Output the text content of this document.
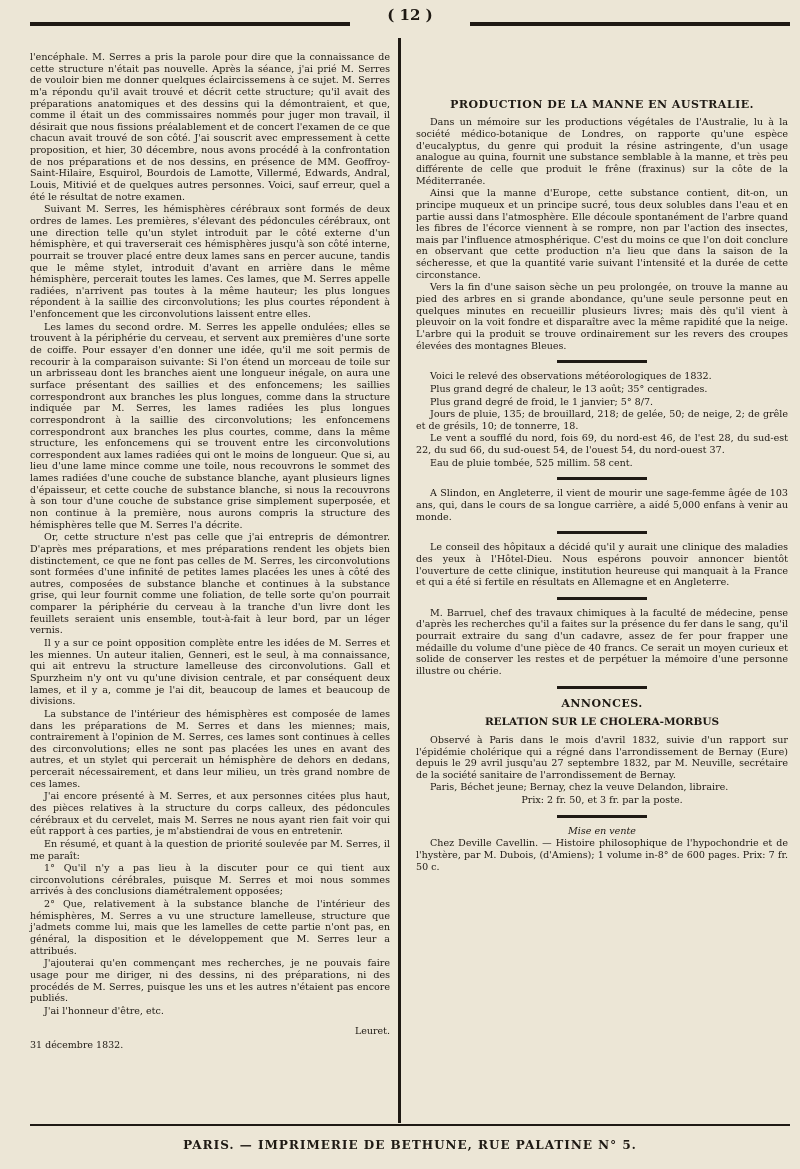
( 12 )

l'encéphale. M. Serres a pris la parole pour dire que la connaissance de cette structure n'était pas nouvelle. Après la séance, j'ai prié M. Serres de vouloir bien me donner quelques éclaircissemens à ce sujet. M. Serres m'a répondu qu'il avait trouvé et décrit cette structure; qu'il avait des préparations anatomiques et des dessins qui la démontraient, et que, comme il était un des commissaires nommés pour juger mon travail, il désirait que nous fissions préalablement et de concert l'examen de ce que chacun avait trouvé de son côté. J'ai souscrit avec empressement à cette proposition, et hier, 30 décembre, nous avons procédé à la confrontation de nos préparations et de nos dessins, en présence de MM. Geoffroy-Saint-Hilaire, Esquirol, Bourdois de Lamotte, Villermé, Edwards, Andral, Louis, Mitivié et de quelques autres personnes. Voici, sauf erreur, quel a été le résultat de notre examen.

Suivant M. Serres, les hémisphères cérébraux sont formés de deux ordres de lames. Les premières, s'élevant des pédoncules cérébraux, ont une direction telle qu'un stylet introduit par le côté externe d'un hémisphère, et qui traverserait ces hémisphères jusqu'à son côté interne, pourrait se trouver placé entre deux lames sans en percer aucune, tandis que le même stylet, introduit d'avant en arrière dans le même hémisphère, percerait toutes les lames. Ces lames, que M. Serres appelle radiées, n'arrivent pas toutes à la même hauteur; les plus longues répondent à la saillie des circonvolutions; les plus courtes répondent à l'enfoncement que les circonvolutions laissent entre elles.

Les lames du second ordre. M. Serres les appelle ondulées; elles se trouvent à la périphérie du cerveau, et servent aux premières d'une sorte de coiffe. Pour essayer d'en donner une idée, qu'il me soit permis de recourir à la comparaison suivante: Si l'on étend un morceau de toile sur un arbrisseau dont les branches aient une longueur inégale, on aura une surface présentant des saillies et des enfoncemens; les saillies correspondront aux branches les plus longues, comme dans la structure indiquée par M. Serres, les lames radiées les plus longues correspondront à la saillie des circonvolutions; les enfoncemens correspondront aux branches les plus courtes, comme, dans la même structure, les enfoncemens qui se trouvent entre les circonvolutions correspondent aux lames radiées qui ont le moins de longueur. Que si, au lieu d'une lame mince comme une toile, nous recouvrons le sommet des lames radiées d'une couche de substance blanche, ayant plusieurs lignes d'épaisseur, et cette couche de substance blanche, si nous la recouvrons à son tour d'une couche de substance grise simplement superposée, et non continue à la première, nous aurons compris la structure des hémisphères telle que M. Serres l'a décrite.

Or, cette structure n'est pas celle que j'ai entrepris de démontrer. D'après mes préparations, et mes préparations rendent les objets bien distinctement, ce que ne font pas celles de M. Serres, les circonvolutions sont formées d'une infinité de petites lames placées les unes à côté des autres, composées de substance blanche et continues à la substance grise, qui leur fournit comme une foliation, de telle sorte qu'on pourrait comparer la périphérie du cerveau à la tranche d'un livre dont les feuillets seraient unis ensemble, tout-à-fait à leur bord, par un léger vernis.

Il y a sur ce point opposition complète entre les idées de M. Serres et les miennes. Un auteur italien, Genneri, est le seul, à ma connaissance, qui ait entrevu la structure lamelleuse des circonvolutions. Gall et Spurzheim n'y ont vu qu'une division centrale, et par conséquent deux lames, et il y a, comme je l'ai dit, beaucoup de lames et beaucoup de divisions.

La substance de l'intérieur des hémisphères est composée de lames dans les préparations de M. Serres et dans les miennes; mais, contrairement à l'opinion de M. Serres, ces lames sont continues à celles des circonvolutions; elles ne sont pas placées les unes en avant des autres, et un stylet qui percerait un hémisphère de dehors en dedans, percerait nécessairement, et dans leur milieu, un très grand nombre de ces lames.

J'ai encore présenté à M. Serres, et aux personnes citées plus haut, des pièces relatives à la structure du corps calleux, des pédoncules cérébraux et du cervelet, mais M. Serres ne nous ayant rien fait voir qui eût rapport à ces parties, je m'abstiendrai de vous en entretenir.

En résumé, et quant à la question de priorité soulevée par M. Serres, il me paraît:

1° Qu'il n'y a pas lieu à la discuter pour ce qui tient aux circonvolutions cérébrales, puisque M. Serres et moi nous sommes arrivés à des conclusions diamétralement opposées;

2° Que, relativement à la substance blanche de l'intérieur des hémisphères, M. Serres a vu une structure lamelleuse, structure que j'admets comme lui, mais que les lamelles de cette partie n'ont pas, en général, la disposition et le développement que M. Serres leur a attribués.

J'ajouterai qu'en commençant mes recherches, je ne pouvais faire usage pour me diriger, ni des dessins, ni des préparations, ni des procédés de M. Serres, puisque les uns et les autres n'étaient pas encore publiés.

J'ai l'honneur d'être, etc.

Leuret.
31 décembre 1832.
PRODUCTION DE LA MANNE EN AUSTRALIE.

Dans un mémoire sur les productions végétales de l'Australie, lu à la société médico-botanique de Londres, on rapporte qu'une espèce d'eucalyptus, du genre qui produit la résine astringente, d'un usage analogue au quina, fournit une substance semblable à la manne, et très peu différente de celle que produit le frêne (fraxinus) sur la côte de la Méditerranée.

Ainsi que la manne d'Europe, cette substance contient, dit-on, un principe muqueux et un principe sucré, tous deux solubles dans l'eau et en partie aussi dans l'atmosphère. Elle découle spontanément de l'arbre quand les fibres de l'écorce viennent à se rompre, non par l'action des insectes, mais par l'influence atmosphérique. C'est du moins ce que l'on doit conclure en observant que cette production n'a lieu que dans la saison de la sécheresse, et que la quantité varie suivant l'intensité et la durée de cette circonstance.

Vers la fin d'une saison sèche un peu prolongée, on trouve la manne au pied des arbres en si grande abondance, qu'une seule personne peut en quelques minutes en recueillir plusieurs livres; mais dès qu'il vient à pleuvoir on la voit fondre et disparaître avec la même rapidité que la neige. L'arbre qui la produit se trouve ordinairement sur les revers des croupes élevées des montagnes Bleues.

Voici le relevé des observations météorologiques de 1832.

Plus grand degré de chaleur, le 13 août; 35° centigrades.

Plus grand degré de froid, le 1 janvier; 5° 8/7.

Jours de pluie, 135; de brouillard, 218; de gelée, 50; de neige, 2; de grêle et de grésils, 10; de tonnerre, 18.

Le vent a soufflé du nord, fois 69, du nord-est 46, de l'est 28, du sud-est 22, du sud 66, du sud-ouest 54, de l'ouest 54, du nord-ouest 37.

Eau de pluie tombée, 525 millim. 58 cent.

A Slindon, en Angleterre, il vient de mourir une sage-femme âgée de 103 ans, qui, dans le cours de sa longue carrière, a aidé 5,000 enfans à venir au monde.

Le conseil des hôpitaux a décidé qu'il y aurait une clinique des maladies des yeux à l'Hôtel-Dieu. Nous espérons pouvoir annoncer bientôt l'ouverture de cette clinique, institution heureuse qui manquait à la France et qui a été si fertile en résultats en Allemagne et en Angleterre.

M. Barruel, chef des travaux chimiques à la faculté de médecine, pense d'après les recherches qu'il a faites sur la présence du fer dans le sang, qu'il pourrait extraire du sang d'un cadavre, assez de fer pour frapper une médaille du volume d'une pièce de 40 francs. Ce serait un moyen curieux et solide de conserver les restes et de perpétuer la mémoire d'une personne illustre ou chérie.

ANNONCES.
RELATION SUR LE CHOLERA-MORBUS

Observé à Paris dans le mois d'avril 1832, suivie d'un rapport sur l'épidémie cholérique qui a régné dans l'arrondissement de Bernay (Eure) depuis le 29 avril jusqu'au 27 septembre 1832, par M. Neuville, secrétaire de la société sanitaire de l'arrondissement de Bernay.

Paris, Béchet jeune; Bernay, chez la veuve Delandon, libraire.

Prix: 2 fr. 50, et 3 fr. par la poste.

Mise en vente

Chez Deville Cavellin. — Histoire philosophique de l'hypochondrie et de l'hystère, par M. Dubois, (d'Amiens); 1 volume in-8° de 600 pages. Prix: 7 fr. 50 c.

PARIS. — IMPRIMERIE DE BETHUNE, RUE PALATINE N° 5.
